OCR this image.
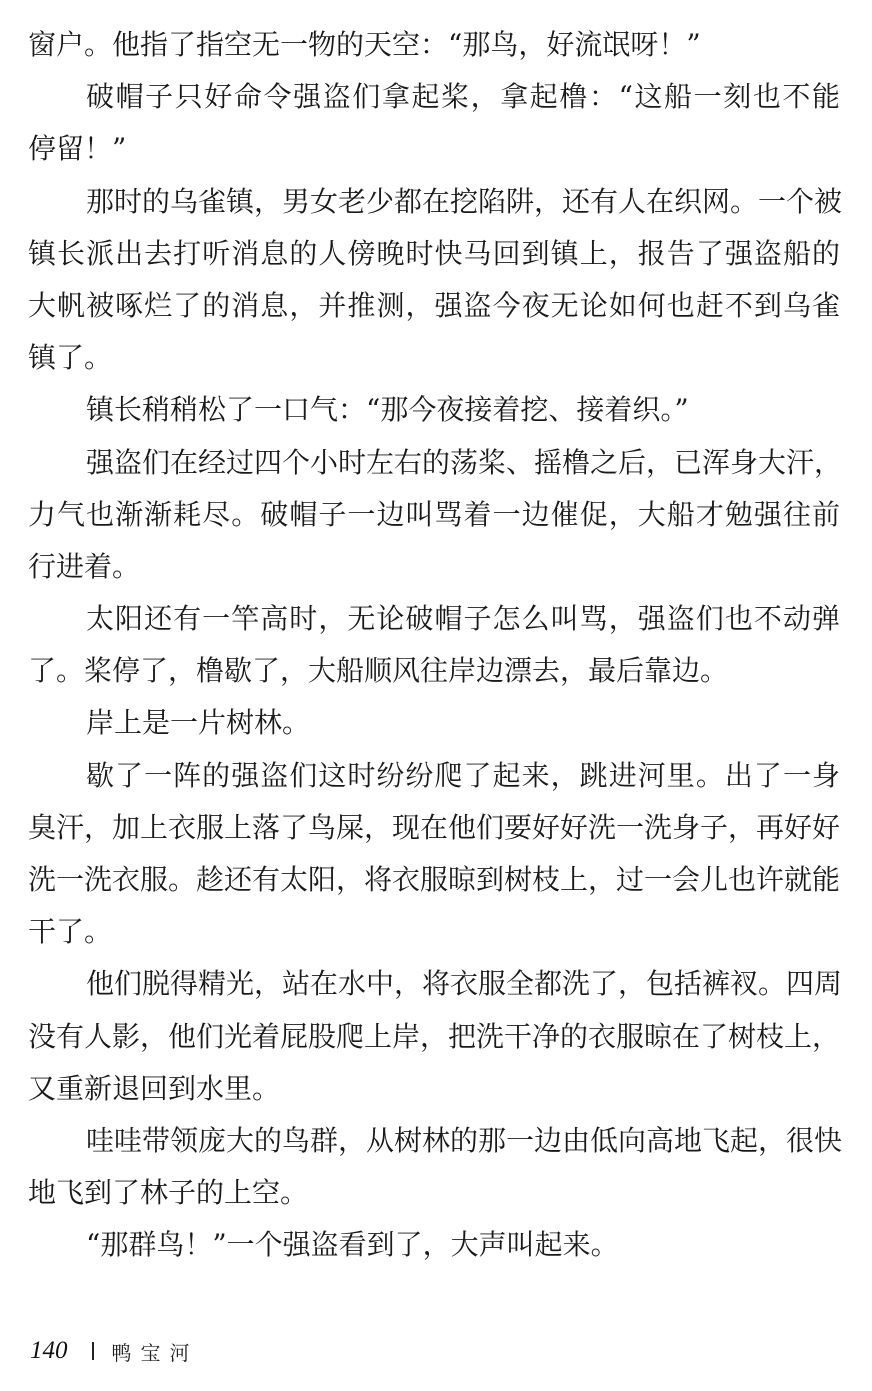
窗户。他指了指空无一物的天空：“那鸟，好流氓呀！”
破帽子只好命令强盗们拿起桨，拿起橹：“这船一刻也不能
停留！”
那时的乌雀镇，男女老少都在挖陷阱，还有人在织网。一个被
镇长派出去打听消息的人傍晚时快马回到镇上，报告了强盗船的
大帆被啄烂了的消息，并推测，强盗今夜无论如何也赶不到乌雀
镇了。
镇长稍稍松了一口气：“那今夜接着挖、接着织。”
强盗们在经过四个小时左右的荡桨、摇橹之后，已浑身大汗，
力气也渐渐耗尽。破帽子一边叫骂着一边催促，大船才勉强往前
行进着。
太阳还有一竿高时，无论破帽子怎么叫骂，强盗们也不动弹
了。桨停了，橹歇了，大船顺风往岸边漂去，最后靠边。
岸上是一片树林。
歇了一阵的强盗们这时纷纷爬了起来，跳进河里。出了一身
臭汗，加上衣服上落了鸟屎，现在他们要好好洗一洗身子，再好好
洗一洗衣服。趁还有太阳，将衣服晾到树枝上，过一会儿也许就能
干了。
他们脱得精光，站在水中，将衣服全都洗了，包括裤衩。四周
没有人影，他们光着屁股爬上岸，把洗干净的衣服晾在了树枝上，
又重新退回到水里。
哇哇带领庞大的鸟群，从树林的那一边由低向高地飞起，很快
地飞到了林子的上空。
“那群鸟！”一个强盗看到了，大声叫起来。
140 鸭宝河
